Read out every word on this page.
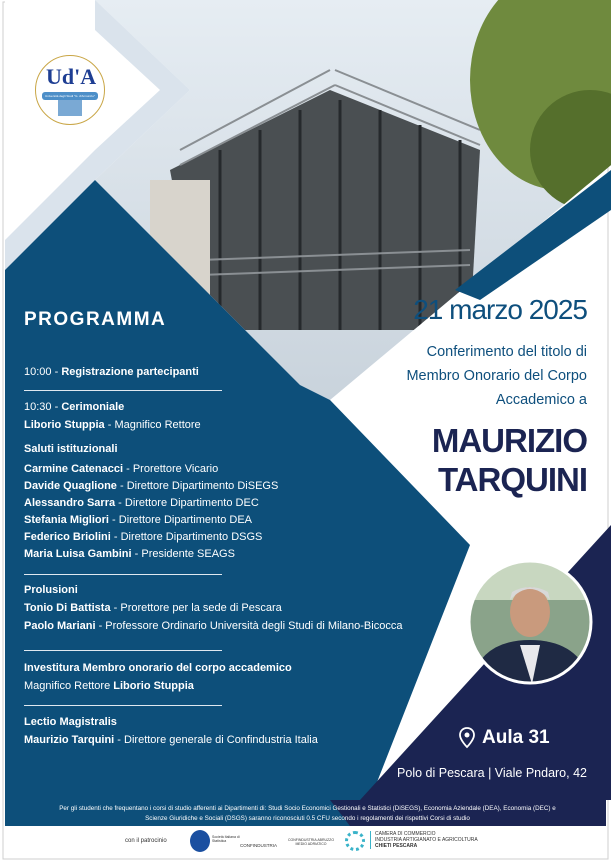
Ud'A
Università degli Studi "G. d'Annunzio"
PROGRAMMA
10:00 - Registrazione partecipanti
10:30 - Cerimoniale
Liborio Stuppia - Magnifico Rettore
Saluti istituzionali
Carmine Catenacci - Prorettore Vicario
Davide Quaglione - Direttore Dipartimento DiSEGS
Alessandro Sarra - Direttore Dipartimento DEC
Stefania Migliori - Direttore Dipartimento DEA
Federico Briolini - Direttore Dipartimento DSGS
Maria Luisa Gambini - Presidente SEAGS
Prolusioni
Tonio Di Battista - Prorettore per la sede di Pescara
Paolo Mariani - Professore Ordinario Università degli Studi di Milano-Bicocca
Investitura Membro onorario del corpo accademico
Magnifico Rettore Liborio Stuppia
Lectio Magistralis
Maurizio Tarquini - Direttore generale di Confindustria Italia
21 marzo 2025
Conferimento del titolo di
Membro Onorario del Corpo
Accademico a
MAURIZIO
TARQUINI
Aula 31
Polo di Pescara | Viale Pndaro, 42
Per gli studenti che frequentano i corsi di studio afferenti ai Dipartimenti di: Studi Socio Economici Gestionali e Statistici (DiSEGS), Economia Aziendale (DEA), Economia (DEC) e
Scienze Giuridiche e Sociali (DSGS) saranno riconosciuti 0.5 CFU secondo i regolamenti dei rispettivi Corsi di studio
con il patrocinio
Società Italiana di Statistica
CONFINDUSTRIA
CONFINDUSTRIA ABRUZZO MEDIO ADRIATICO
CAMERA DI COMMERCIO
INDUSTRIA ARTIGIANATO E AGRICOLTURA
CHIETI PESCARA
